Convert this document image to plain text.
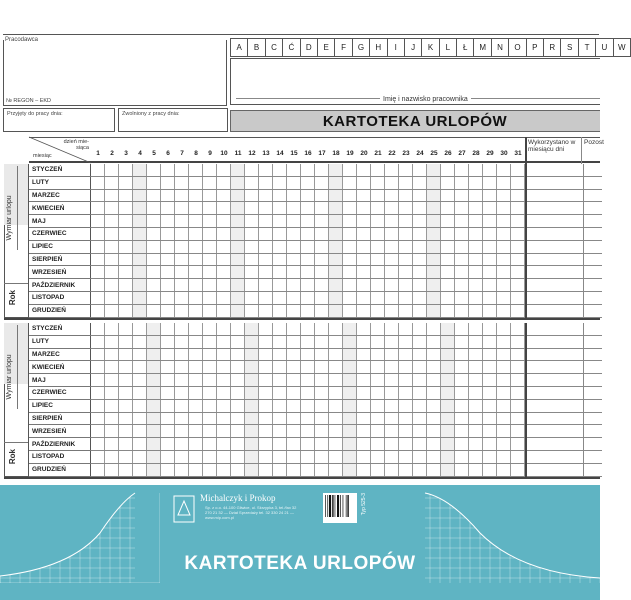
Pracodawca
№ REGON – EKD
Przyjęty do pracy dnia:	Zwolniony z pracy dnia:
A	B	C	Ć	D	E	F	G	H	I	J	K	L	Ł	M	N	O	P	R	S	T	U	W
Imię i nazwisko pracownika
KARTOTEKA URLOPÓW
dzień mie- siąca
miesiąc	1	2	3	4	5	6	7	8	9	10	11	12	13	14	15	16	17	18	19	20	21	22	23	24	25	26	27	28	29	30	31
Wykorzystano w miesiącu dni
Pozost
Wymiar urlopu
Rok
STYCZEŃ
LUTY
MARZEC
KWIECIEŃ
MAJ
CZERWIEC
LIPIEC
SIERPIEŃ
WRZESIEŃ
PAŹDZIERNIK
LISTOPAD
GRUDZIEŃ
Wymiar urlopu
Rok
STYCZEŃ
LUTY
MARZEC
KWIECIEŃ
MAJ
CZERWIEC
LIPIEC
SIERPIEŃ
WRZESIEŃ
PAŹDZIERNIK
LISTOPAD
GRUDZIEŃ
Michalczyk i Prokop
Sp. z o.o. 44-100 Gliwice, ul. Skrzypka 3, tel./fax 32 270 21 32 — Dział Sprzedaży tel. 32 330 24 21 — www.mip.com.pl
Typ 525-3
KARTOTEKA URLOPÓW
